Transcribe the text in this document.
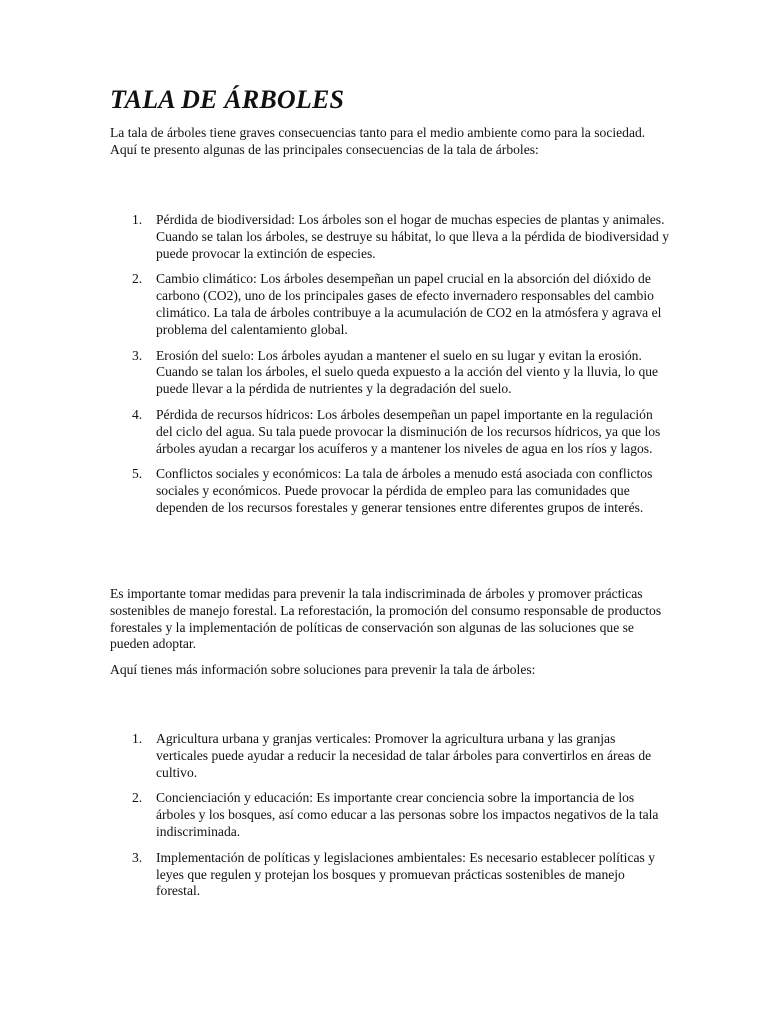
TALA DE ÁRBOLES

La tala de árboles tiene graves consecuencias tanto para el medio ambiente como para la sociedad. Aquí te presento algunas de las principales consecuencias de la tala de árboles:

1. Pérdida de biodiversidad: Los árboles son el hogar de muchas especies de plantas y animales. Cuando se talan los árboles, se destruye su hábitat, lo que lleva a la pérdida de biodiversidad y puede provocar la extinción de especies.
2. Cambio climático: Los árboles desempeñan un papel crucial en la absorción del dióxido de carbono (CO2), uno de los principales gases de efecto invernadero responsables del cambio climático. La tala de árboles contribuye a la acumulación de CO2 en la atmósfera y agrava el problema del calentamiento global.
3. Erosión del suelo: Los árboles ayudan a mantener el suelo en su lugar y evitan la erosión. Cuando se talan los árboles, el suelo queda expuesto a la acción del viento y la lluvia, lo que puede llevar a la pérdida de nutrientes y la degradación del suelo.
4. Pérdida de recursos hídricos: Los árboles desempeñan un papel importante en la regulación del ciclo del agua. Su tala puede provocar la disminución de los recursos hídricos, ya que los árboles ayudan a recargar los acuíferos y a mantener los niveles de agua en los ríos y lagos.
5. Conflictos sociales y económicos: La tala de árboles a menudo está asociada con conflictos sociales y económicos. Puede provocar la pérdida de empleo para las comunidades que dependen de los recursos forestales y generar tensiones entre diferentes grupos de interés.

Es importante tomar medidas para prevenir la tala indiscriminada de árboles y promover prácticas sostenibles de manejo forestal. La reforestación, la promoción del consumo responsable de productos forestales y la implementación de políticas de conservación son algunas de las soluciones que se pueden adoptar.

Aquí tienes más información sobre soluciones para prevenir la tala de árboles:

1. Agricultura urbana y granjas verticales: Promover la agricultura urbana y las granjas verticales puede ayudar a reducir la necesidad de talar árboles para convertirlos en áreas de cultivo.
2. Concienciación y educación: Es importante crear conciencia sobre la importancia de los árboles y los bosques, así como educar a las personas sobre los impactos negativos de la tala indiscriminada.
3. Implementación de políticas y legislaciones ambientales: Es necesario establecer políticas y leyes que regulen y protejan los bosques y promuevan prácticas sostenibles de manejo forestal.
